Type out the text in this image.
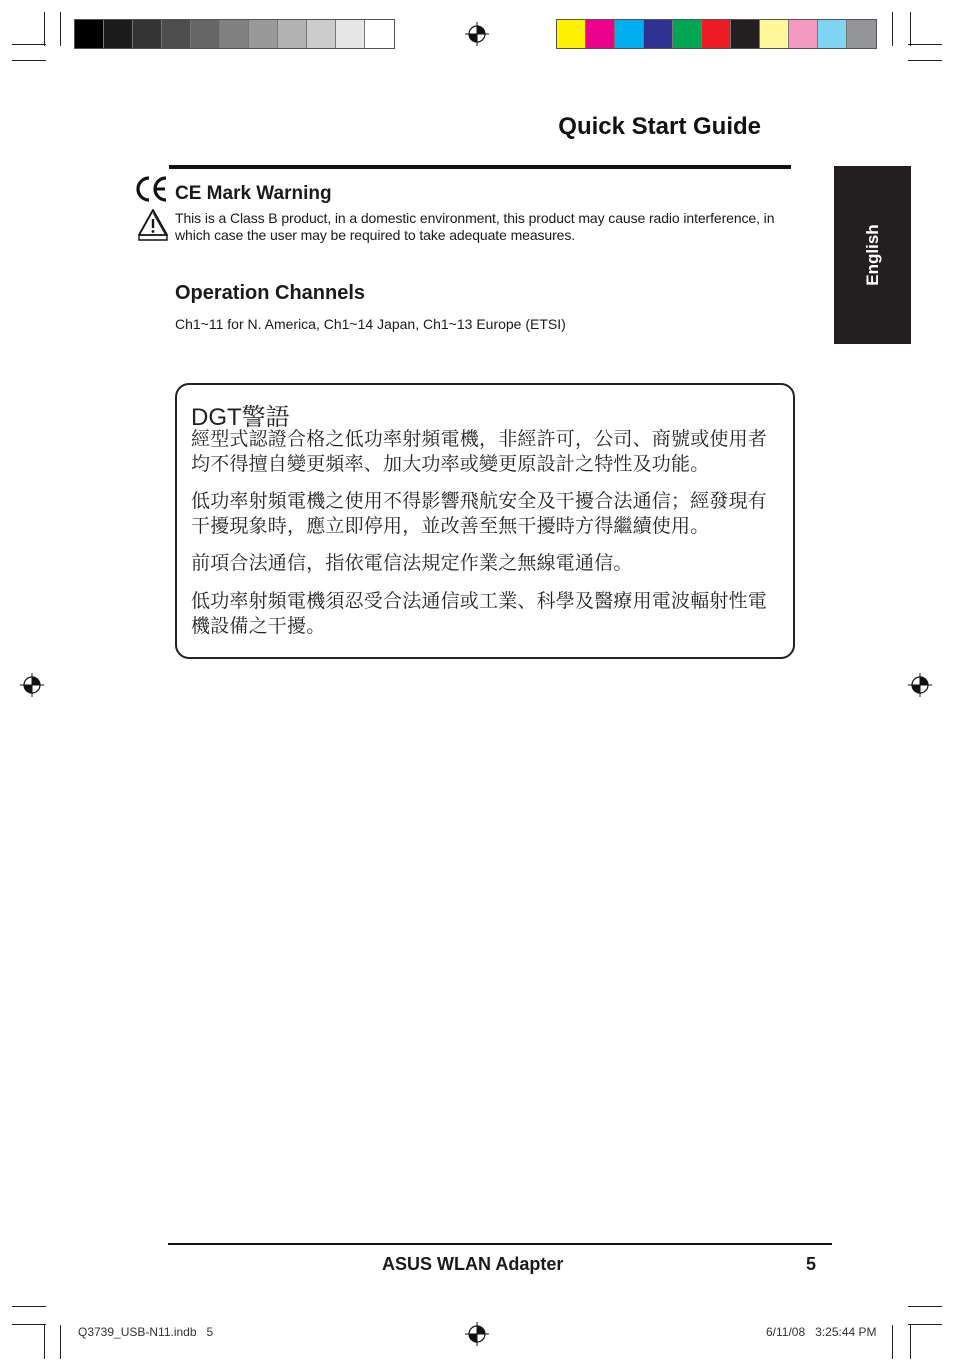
Quick Start Guide
English
CE Mark Warning
This is a Class B product, in a domestic environment, this product may cause radio interference, in which case the user may be required to take adequate measures.
Operation Channels
Ch1~11 for N. America, Ch1~14 Japan, Ch1~13 Europe (ETSI)
DGT警語
經型式認證合格之低功率射頻電機，非經許可，公司、商號或使用者均不得擅自變更頻率、加大功率或變更原設計之特性及功能。
低功率射頻電機之使用不得影響飛航安全及干擾合法通信；經發現有干擾現象時，應立即停用，並改善至無干擾時方得繼續使用。
前項合法通信，指依電信法規定作業之無線電通信。
低功率射頻電機須忍受合法通信或工業、科學及醫療用電波輻射性電機設備之干擾。
ASUS WLAN Adapter	5
Q3739_USB-N11.indb   5	6/11/08   3:25:44 PM
